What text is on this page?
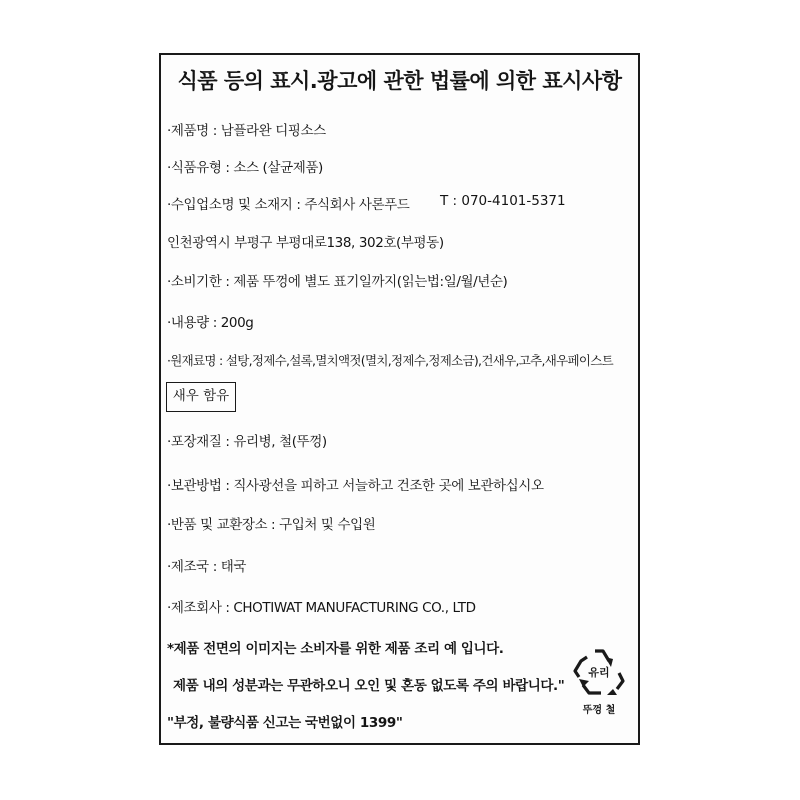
식품 등의 표시.광고에 관한 법률에 의한 표시사항
·제품명 : 남플라완 디핑소스
·식품유형 : 소스 (살균제품)
·수입업소명 및 소재지 : 주식회사 사론푸드 T : 070-4101-5371
인천광역시 부평구 부평대로138, 302호(부평동)
·소비기한 : 제품 뚜껑에 별도 표기일까지(읽는법:일/월/년순)
·내용량 : 200g
·원재료명 : 설탕,정제수,설록,멸치액젓(멸치,정제수,정제소금),건새우,고추,새우페이스트
새우 함유
·포장재질 : 유리병, 철(뚜껑)
·보관방법 : 직사광선을 피하고 서늘하고 건조한 곳에 보관하십시오
·반품 및 교환장소 : 구입처 및 수입원
·제조국 : 태국
·제조회사 : CHOTIWAT MANUFACTURING CO., LTD
*제품 전면의 이미지는 소비자를 위한 제품 조리 예 입니다.
제품 내의 성분과는 무관하오니 오인 및 혼동 없도록 주의 바랍니다."
"부정, 불량식품 신고는 국번없이 1399"
유리
뚜껑 철
